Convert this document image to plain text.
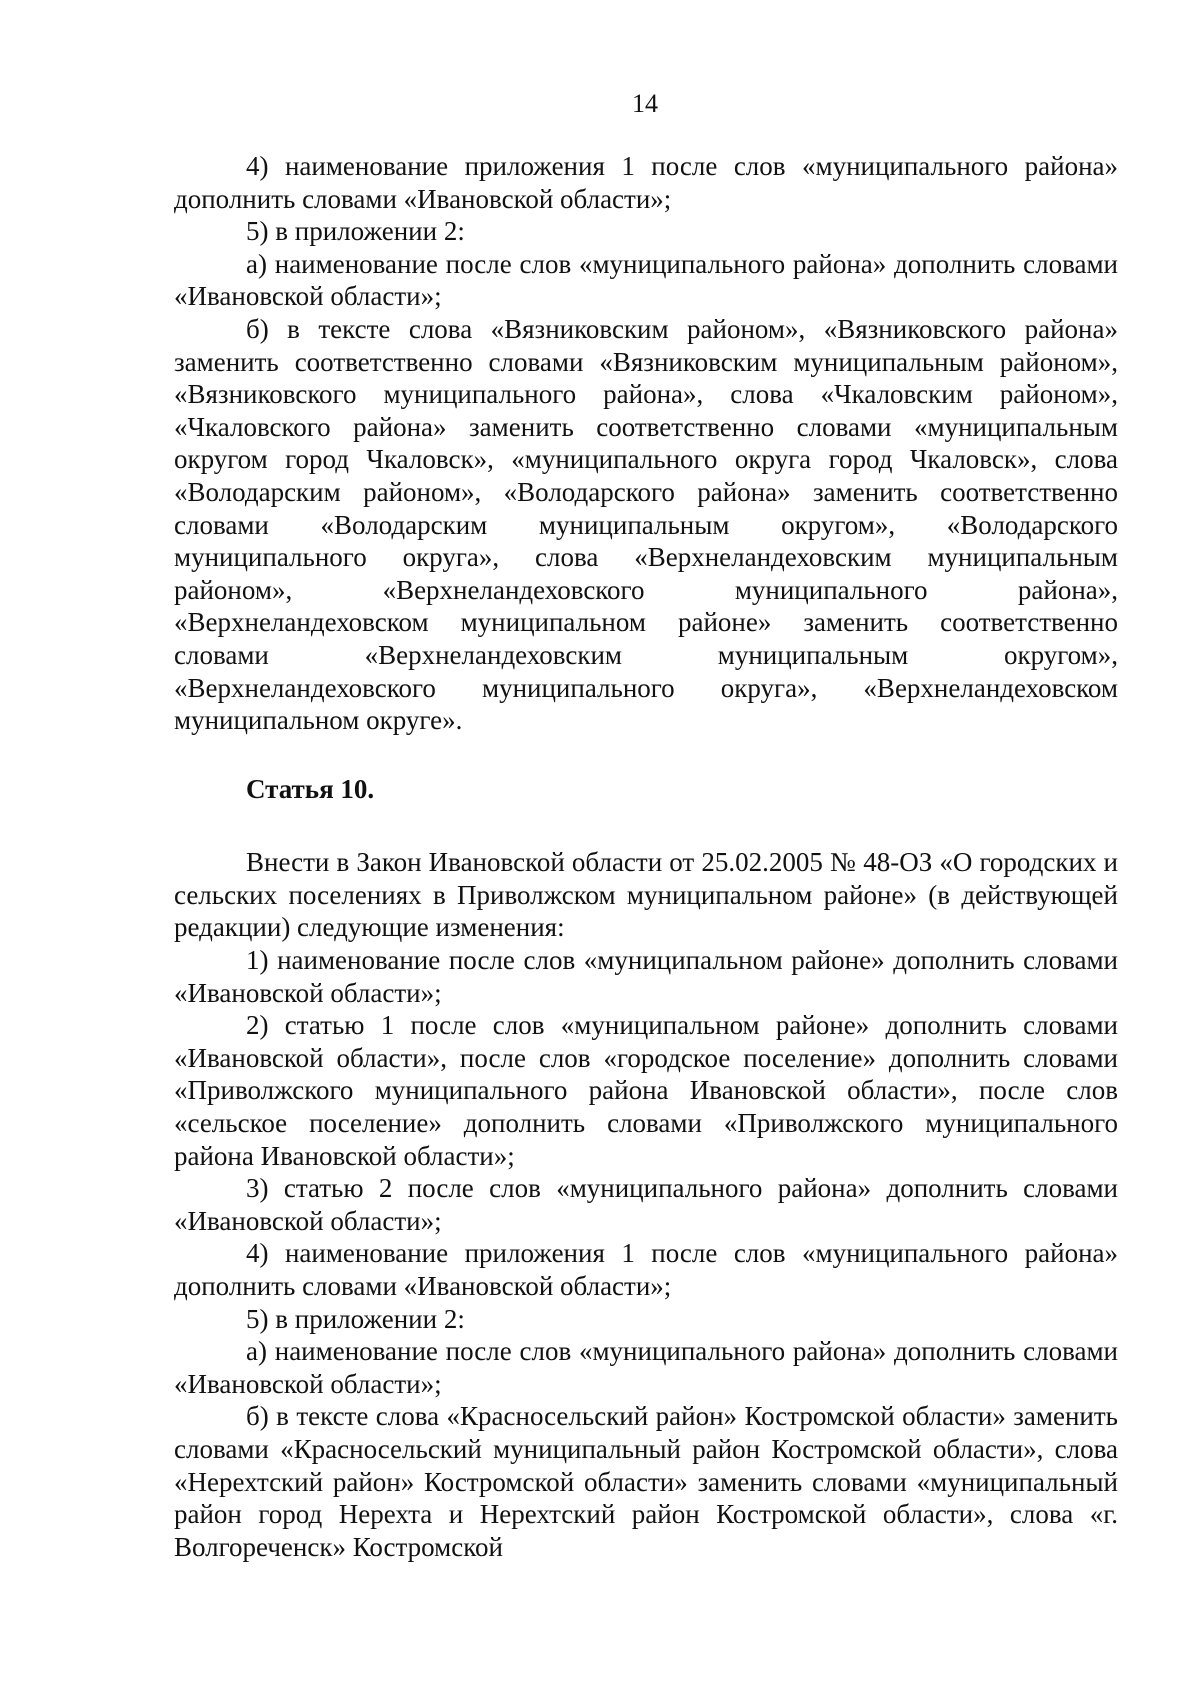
14

4) наименование приложения 1 после слов «муниципального района» дополнить словами «Ивановской области»;

5) в приложении 2:

а) наименование после слов «муниципального района» дополнить словами «Ивановской области»;

б) в тексте слова «Вязниковским районом», «Вязниковского района» заменить соответственно словами «Вязниковским муниципальным районом», «Вязниковского муниципального района», слова «Чкаловским районом», «Чкаловского района» заменить соответственно словами «муниципальным округом город Чкаловск», «муниципального округа город Чкаловск», слова «Володарским районом», «Володарского района» заменить соответственно словами «Володарским муниципальным округом», «Володарского муниципального округа», слова «Верхнеландеховским муниципальным районом», «Верхнеландеховского муниципального района», «Верхнеландеховском муниципальном районе» заменить соответственно словами «Верхнеландеховским муниципальным округом», «Верхнеландеховского муниципального округа», «Верхнеландеховском муниципальном округе».

Статья 10.

Внести в Закон Ивановской области от 25.02.2005 № 48-ОЗ «О городских и сельских поселениях в Приволжском муниципальном районе» (в действующей редакции) следующие изменения:

1) наименование после слов «муниципальном районе» дополнить словами «Ивановской области»;

2) статью 1 после слов «муниципальном районе» дополнить словами «Ивановской области», после слов «городское поселение» дополнить словами «Приволжского муниципального района Ивановской области», после слов «сельское поселение» дополнить словами «Приволжского муниципального района Ивановской области»;

3) статью 2 после слов «муниципального района» дополнить словами «Ивановской области»;

4) наименование приложения 1 после слов «муниципального района» дополнить словами «Ивановской области»;

5) в приложении 2:

а) наименование после слов «муниципального района» дополнить словами «Ивановской области»;

б) в тексте слова «Красносельский район» Костромской области» заменить словами «Красносельский муниципальный район Костромской области», слова «Нерехтский район» Костромской области» заменить словами «муниципальный район город Нерехта и Нерехтский район Костромской области», слова «г. Волгореченск» Костромской
